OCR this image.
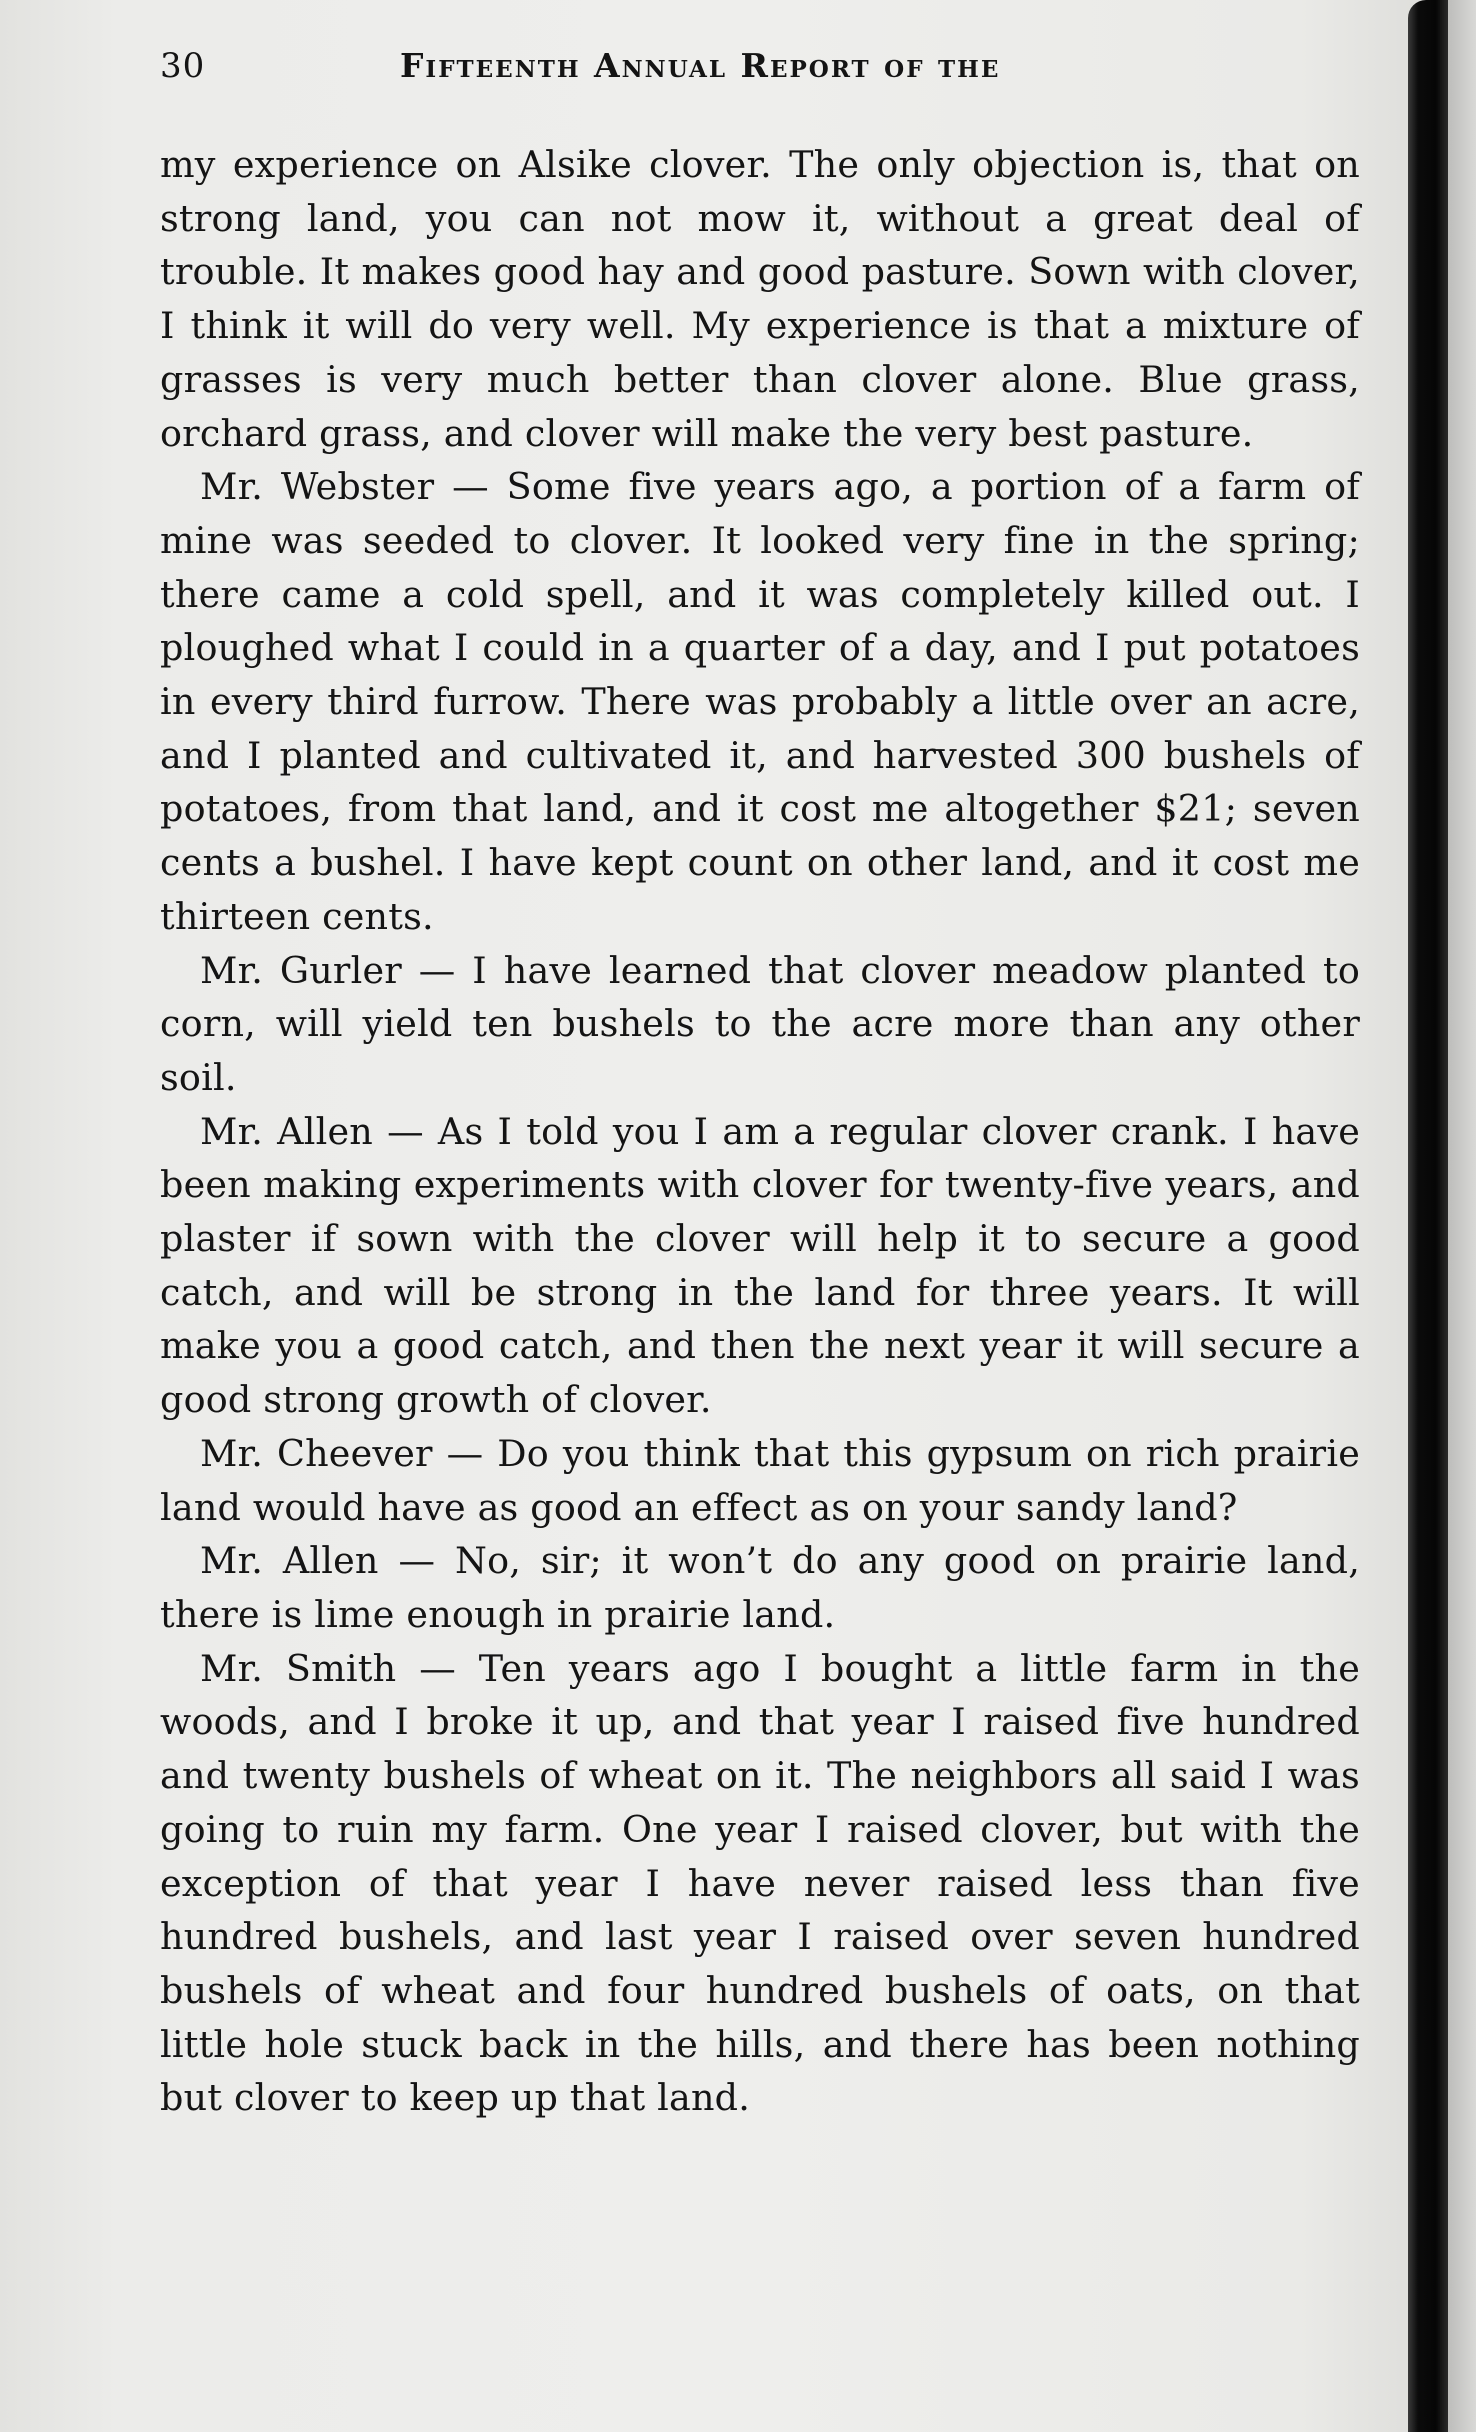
30	Fifteenth Annual Report of the

my experience on Alsike clover. The only objection is, that on strong land, you can not mow it, without a great deal of trouble. It makes good hay and good pasture. Sown with clover, I think it will do very well. My experience is that a mixture of grasses is very much better than clover alone. Blue grass, orchard grass, and clover will make the very best pasture.

Mr. Webster — Some five years ago, a portion of a farm of mine was seeded to clover. It looked very fine in the spring; there came a cold spell, and it was completely killed out. I ploughed what I could in a quarter of a day, and I put potatoes in every third furrow. There was probably a little over an acre, and I planted and cultivated it, and harvested 300 bushels of potatoes, from that land, and it cost me altogether $21; seven cents a bushel. I have kept count on other land, and it cost me thirteen cents.

Mr. Gurler — I have learned that clover meadow planted to corn, will yield ten bushels to the acre more than any other soil.

Mr. Allen — As I told you I am a regular clover crank. I have been making experiments with clover for twenty-five years, and plaster if sown with the clover will help it to secure a good catch, and will be strong in the land for three years. It will make you a good catch, and then the next year it will secure a good strong growth of clover.

Mr. Cheever — Do you think that this gypsum on rich prairie land would have as good an effect as on your sandy land?

Mr. Allen — No, sir; it won’t do any good on prairie land, there is lime enough in prairie land.

Mr. Smith — Ten years ago I bought a little farm in the woods, and I broke it up, and that year I raised five hundred and twenty bushels of wheat on it. The neighbors all said I was going to ruin my farm. One year I raised clover, but with the exception of that year I have never raised less than five hundred bushels, and last year I raised over seven hundred bushels of wheat and four hundred bushels of oats, on that little hole stuck back in the hills, and there has been nothing but clover to keep up that land.
